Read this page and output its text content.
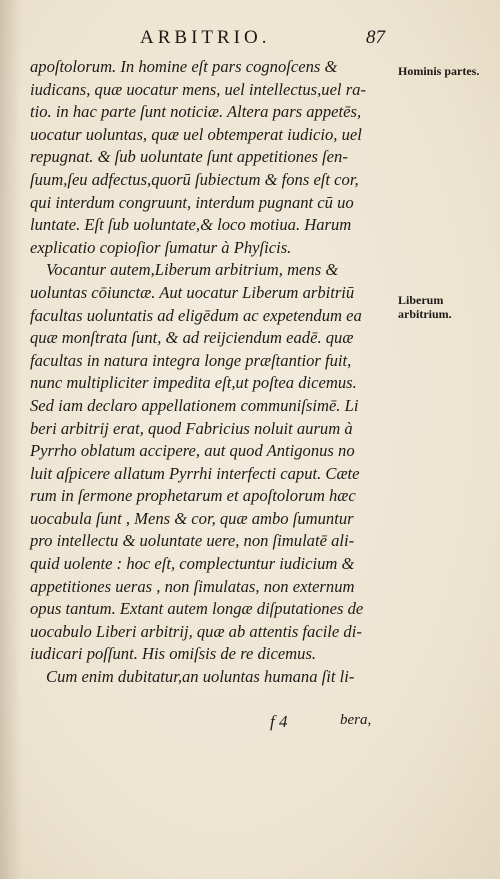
ARBITRIO.	87
apoſtolorum. In homine eſt pars cognoſcens &
iudicans, quæ uocatur mens, uel intellectus,uel ra-
tio. in hac parte ſunt noticiæ. Altera pars appetēs,
uocatur uoluntas, quæ uel obtemperat iudicio, uel
repugnat. & ſub uoluntate ſunt appetitiones ſen-
ſuum,ſeu adfectus,quorū ſubiectum & fons eſt cor,
qui interdum congruunt, interdum pugnant cū uo
luntate. Eſt ſub uoluntate,& loco motiua. Harum
explicatio copioſior ſumatur à Phyſicis.
Vocantur autem,Liberum arbitrium, mens &
uoluntas cōiunctæ. Aut uocatur Liberum arbitriū
facultas uoluntatis ad eligēdum ac expetendum ea
quæ monſtrata ſunt, & ad reijciendum eadē. quæ
facultas in natura integra longe præſtantior fuit,
nunc multipliciter impedita eſt,ut poſtea dicemus.
Sed iam declaro appellationem communiſsimē. Li
beri arbitrij erat, quod Fabricius noluit aurum à
Pyrrho oblatum accipere, aut quod Antigonus no
luit aſpicere allatum Pyrrhi interfecti caput. Cæte
rum in ſermone prophetarum et apoſtolorum hæc
uocabula ſunt , Mens & cor, quæ ambo ſumuntur
pro intellectu & uoluntate uere, non ſimulatē ali-
quid uolente : hoc eſt, complectuntur iudicium &
appetitiones ueras , non ſimulatas, non externum
opus tantum. Extant autem longæ diſputationes de
uocabulo Liberi arbitrij, quæ ab attentis facile di-
iudicari poſſunt. His omiſsis de re dicemus.
Cum enim dubitatur,an uoluntas humana ſit li-
Hominis partes.
Liberum arbitrium.
f 4	bera,
